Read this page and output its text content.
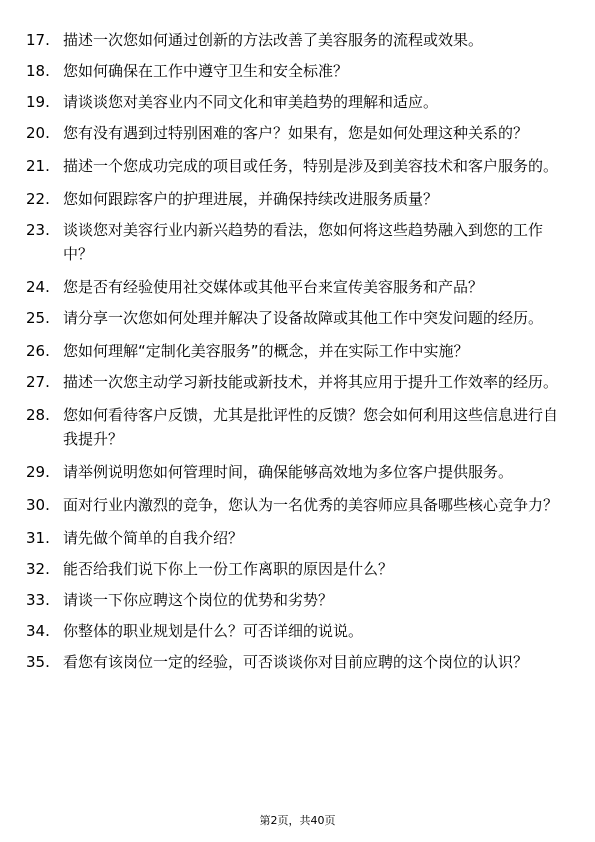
17. 描述一次您如何通过创新的方法改善了美容服务的流程或效果。
18. 您如何确保在工作中遵守卫生和安全标准？
19. 请谈谈您对美容业内不同文化和审美趋势的理解和适应。
20. 您有没有遇到过特别困难的客户？如果有，您是如何处理这种关系的？
21. 描述一个您成功完成的项目或任务，特别是涉及到美容技术和客户服务的。
22. 您如何跟踪客户的护理进展，并确保持续改进服务质量？
23. 谈谈您对美容行业内新兴趋势的看法，您如何将这些趋势融入到您的工作中？
24. 您是否有经验使用社交媒体或其他平台来宣传美容服务和产品？
25. 请分享一次您如何处理并解决了设备故障或其他工作中突发问题的经历。
26. 您如何理解“定制化美容服务”的概念，并在实际工作中实施？
27. 描述一次您主动学习新技能或新技术，并将其应用于提升工作效率的经历。
28. 您如何看待客户反馈，尤其是批评性的反馈？您会如何利用这些信息进行自我提升？
29. 请举例说明您如何管理时间，确保能够高效地为多位客户提供服务。
30. 面对行业内激烈的竞争，您认为一名优秀的美容师应具备哪些核心竞争力？
31. 请先做个简单的自我介绍？
32. 能否给我们说下你上一份工作离职的原因是什么？
33. 请谈一下你应聘这个岗位的优势和劣势？
34. 你整体的职业规划是什么？可否详细的说说。
35. 看您有该岗位一定的经验，可否谈谈你对目前应聘的这个岗位的认识？
第2页，共40页
